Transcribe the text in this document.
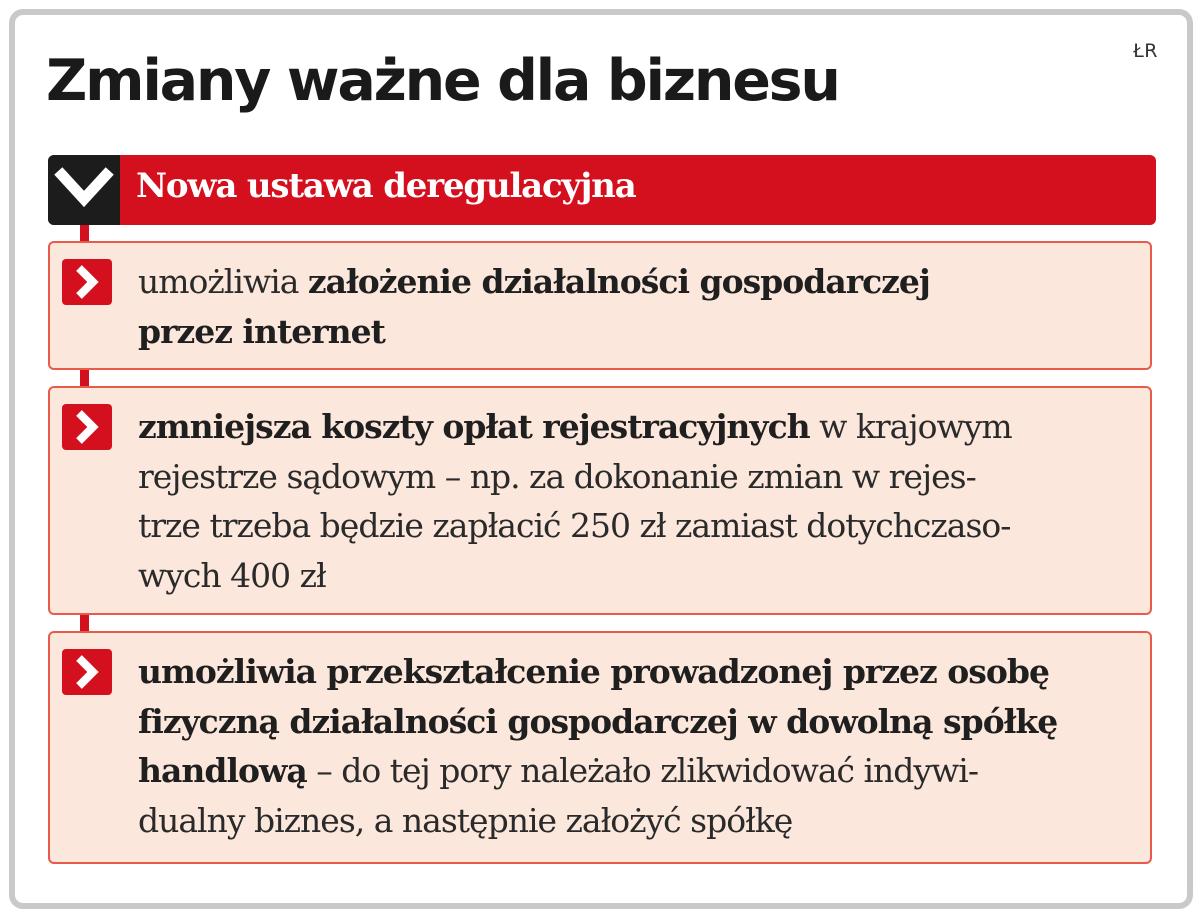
ŁR
Zmiany ważne dla biznesu
Nowa ustawa deregulacyjna
umożliwia założenie działalności gospodarczej
przez internet
zmniejsza koszty opłat rejestracyjnych w krajowym
rejestrze sądowym – np. za dokonanie zmian w rejes-
trze trzeba będzie zapłacić 250 zł zamiast dotychczaso-
wych 400 zł
umożliwia przekształcenie prowadzonej przez osobę
fizyczną działalności gospodarczej w dowolną spółkę
handlową – do tej pory należało zlikwidować indywi-
dualny biznes, a następnie założyć spółkę
